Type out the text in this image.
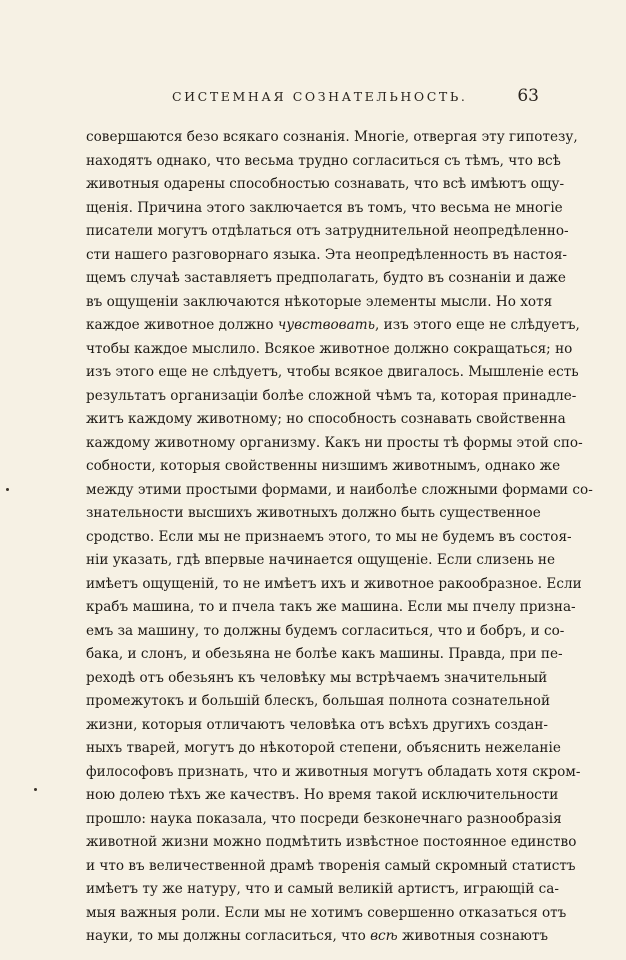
СИСТЕМНАЯ СОЗНАТЕЛЬНОСТЬ.	63
совершаются безо всякаго сознанія. Многіе, отвергая эту гипотезу,
находятъ однако, что весьма трудно согласиться съ тѣмъ, что всѣ
животныя одарены способностью сознавать, что всѣ имѣютъ ощу-
щенія. Причина этого заключается въ томъ, что весьма не многіе
писатели могутъ отдѣлаться отъ затруднительной неопредѣленно-
сти нашего разговорнаго языка. Эта неопредѣленность въ настоя-
щемъ случаѣ заставляетъ предполагать, будто въ сознаніи и даже
въ ощущеніи заключаются нѣкоторые элементы мысли. Но хотя
каждое животное должно чувствовать, изъ этого еще не слѣдуетъ,
чтобы каждое мыслило. Всякое животное должно сокращаться; но
изъ этого еще не слѣдуетъ, чтобы всякое двигалось. Мышленіе есть
результатъ организаціи болѣе сложной чѣмъ та, которая принадле-
житъ каждому животному; но способность сознавать свойственна
каждому животному организму. Какъ ни просты тѣ формы этой спо-
собности, которыя свойственны низшимъ животнымъ, однако же
между этими простыми формами, и наиболѣе сложными формами со-
знательности высшихъ животныхъ должно быть существенное
сродство. Если мы не признаемъ этого, то мы не будемъ въ состоя-
ніи указать, гдѣ впервые начинается ощущеніе. Если слизень не
имѣетъ ощущеній, то не имѣетъ ихъ и животное ракообразное. Если
крабъ машина, то и пчела такъ же машина. Если мы пчелу призна-
емъ за машину, то должны будемъ согласиться, что и бобръ, и со-
бака, и слонъ, и обезьяна не болѣе какъ машины. Правда, при пе-
реходѣ отъ обезьянъ къ человѣку мы встрѣчаемъ значительный
промежутокъ и большій блескъ, большая полнота сознательной
жизни, которыя отличаютъ человѣка отъ всѣхъ другихъ создан-
ныхъ тварей, могутъ до нѣкоторой степени, объяснить нежеланіе
философовъ признать, что и животныя могутъ обладать хотя скром-
ною долею тѣхъ же качествъ. Но время такой исключительности
прошло: наука показала, что посреди безконечнаго разнообразія
животной жизни можно подмѣтить извѣстное постоянное единство
и что въ величественной драмѣ творенія самый скромный статистъ
имѣетъ ту же натуру, что и самый великій артистъ, играющій са-
мыя важныя роли. Если мы не хотимъ совершенно отказаться отъ
науки, то мы должны согласиться, что всѣ животныя сознаютъ
